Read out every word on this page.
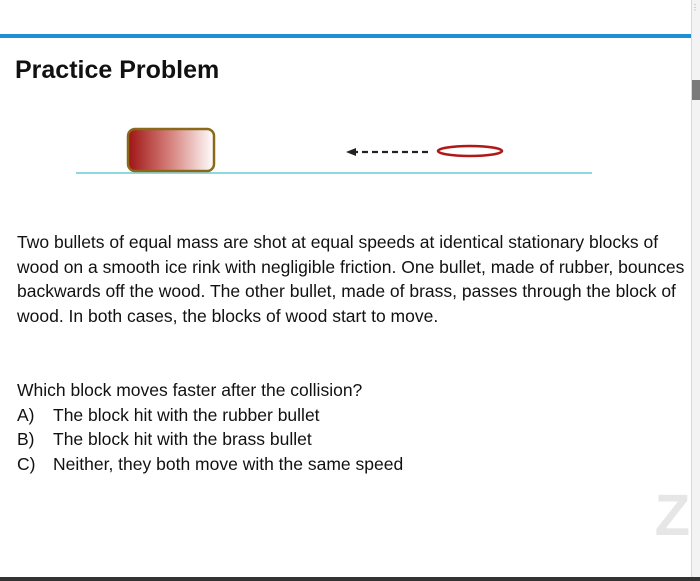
⋮
Practice Problem
Two bullets of equal mass are shot at equal speeds at identical stationary blocks of wood on a smooth ice rink with negligible friction. One bullet, made of rubber, bounces backwards off the wood. The other bullet, made of brass, passes through the block of wood. In both cases, the blocks of wood start to move.
Which block moves faster after the collision?
A)	The block hit with the rubber bullet
B)	The block hit with the brass bullet
C)	Neither, they both move with the same speed
Z
